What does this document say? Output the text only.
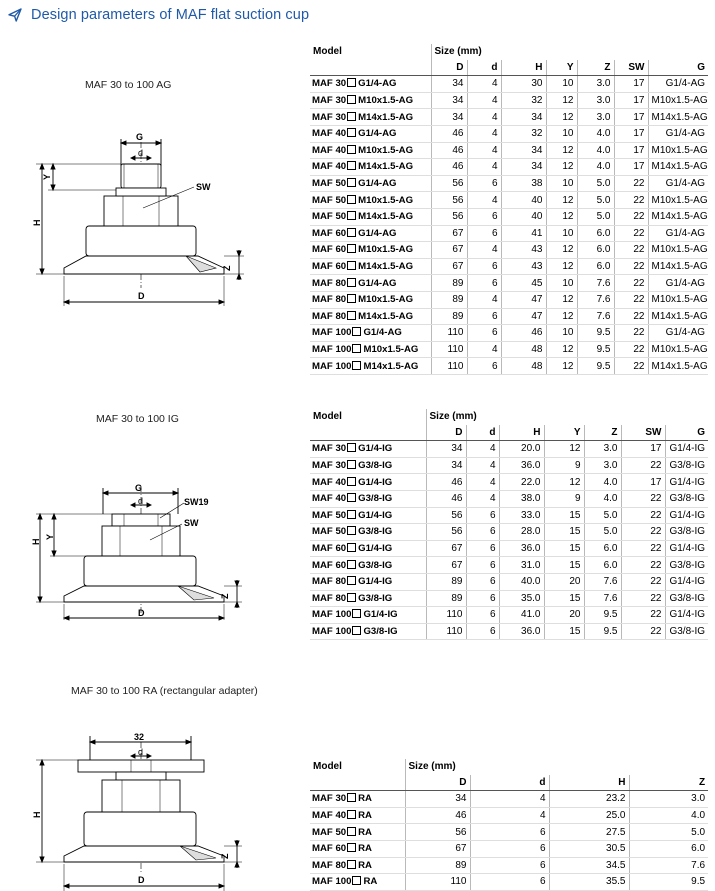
Design parameters of MAF flat suction cup
MAF 30 to 100 AG
G
d
SW
Y
H
Z
D
Model	Size (mm)						
	D	d	H	Y	Z	SW	G
MAF 30 G1/4-AG	34	4	30	10	3.0	17	G1/4-AG
MAF 30 M10x1.5-AG	34	4	32	12	3.0	17	M10x1.5-AG
MAF 30 M14x1.5-AG	34	4	34	12	3.0	17	M14x1.5-AG
MAF 40 G1/4-AG	46	4	32	10	4.0	17	G1/4-AG
MAF 40 M10x1.5-AG	46	4	34	12	4.0	17	M10x1.5-AG
MAF 40 M14x1.5-AG	46	4	34	12	4.0	17	M14x1.5-AG
MAF 50 G1/4-AG	56	6	38	10	5.0	22	G1/4-AG
MAF 50 M10x1.5-AG	56	4	40	12	5.0	22	M10x1.5-AG
MAF 50 M14x1.5-AG	56	6	40	12	5.0	22	M14x1.5-AG
MAF 60 G1/4-AG	67	6	41	10	6.0	22	G1/4-AG
MAF 60 M10x1.5-AG	67	4	43	12	6.0	22	M10x1.5-AG
MAF 60 M14x1.5-AG	67	6	43	12	6.0	22	M14x1.5-AG
MAF 80 G1/4-AG	89	6	45	10	7.6	22	G1/4-AG
MAF 80 M10x1.5-AG	89	4	47	12	7.6	22	M10x1.5-AG
MAF 80 M14x1.5-AG	89	6	47	12	7.6	22	M14x1.5-AG
MAF 100 G1/4-AG	110	6	46	10	9.5	22	G1/4-AG
MAF 100 M10x1.5-AG	110	4	48	12	9.5	22	M10x1.5-AG
MAF 100 M14x1.5-AG	110	6	48	12	9.5	22	M14x1.5-AG
MAF 30 to 100 IG
G
d	SW19
SW
Y
H
Z
D
Model	Size (mm)						
	D	d	H	Y	Z	SW	G
MAF 30 G1/4-IG	34	4	20.0	12	3.0	17	G1/4-IG
MAF 30 G3/8-IG	34	4	36.0	9	3.0	22	G3/8-IG
MAF 40 G1/4-IG	46	4	22.0	12	4.0	17	G1/4-IG
MAF 40 G3/8-IG	46	4	38.0	9	4.0	22	G3/8-IG
MAF 50 G1/4-IG	56	6	33.0	15	5.0	22	G1/4-IG
MAF 50 G3/8-IG	56	6	28.0	15	5.0	22	G3/8-IG
MAF 60 G1/4-IG	67	6	36.0	15	6.0	22	G1/4-IG
MAF 60 G3/8-IG	67	6	31.0	15	6.0	22	G3/8-IG
MAF 80 G1/4-IG	89	6	40.0	20	7.6	22	G1/4-IG
MAF 80 G3/8-IG	89	6	35.0	15	7.6	22	G3/8-IG
MAF 100 G1/4-IG	110	6	41.0	20	9.5	22	G1/4-IG
MAF 100 G3/8-IG	110	6	36.0	15	9.5	22	G3/8-IG
MAF 30 to 100 RA (rectangular adapter)
32
d
H
Z
D
Model	Size (mm)			
	D	d	H	Z
MAF 30 RA	34	4	23.2	3.0
MAF 40 RA	46	4	25.0	4.0
MAF 50 RA	56	6	27.5	5.0
MAF 60 RA	67	6	30.5	6.0
MAF 80 RA	89	6	34.5	7.6
MAF 100 RA	110	6	35.5	9.5
